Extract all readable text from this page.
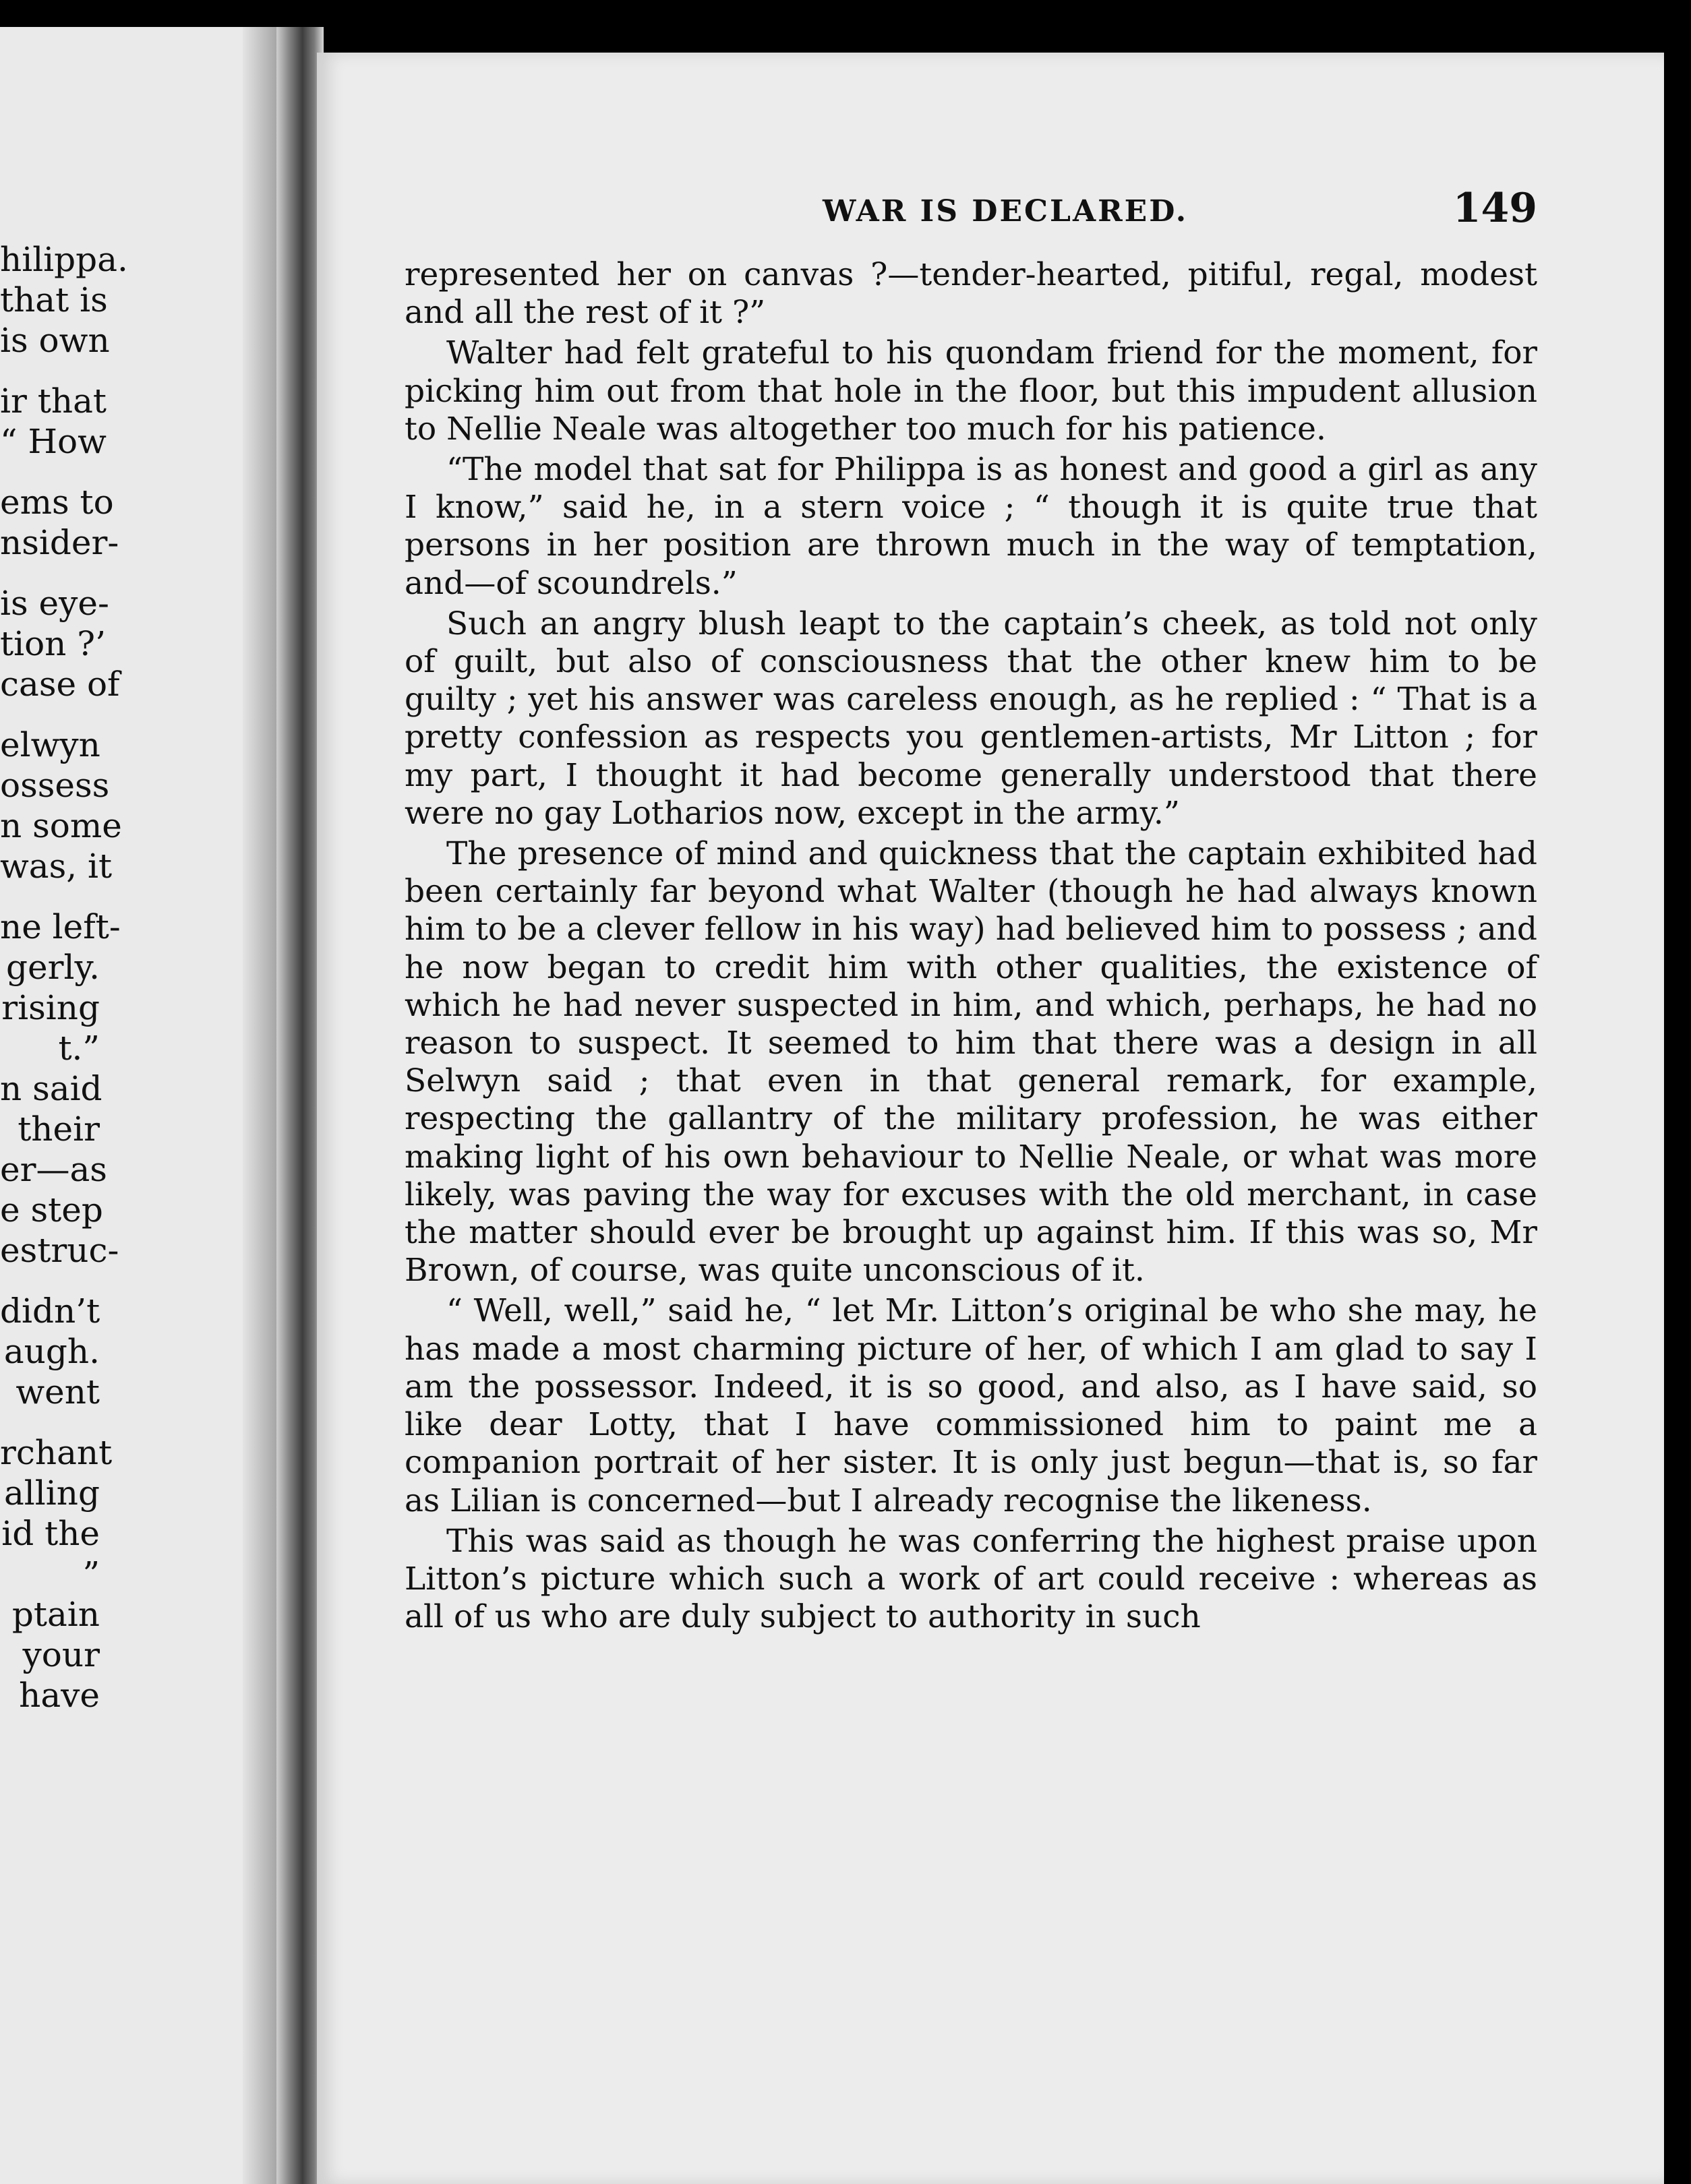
hilippa.
that is
is own
ir that
“ How
ems to
nsider-
is eye-
tion ?’
case of
elwyn
ossess
n some
was, it
ne left-
gerly.
rising
t.”
n said
their
er—as
e step
estruc-
didn’t
augh.
went
rchant
alling
id the
”
ptain
your
have
WAR IS DECLARED.	149

represented her on canvas ?—tender-hearted, pitiful, regal, modest and all the rest of it ?”

Walter had felt grateful to his quondam friend for the moment, for picking him out from that hole in the floor, but this impudent allusion to Nellie Neale was altogether too much for his patience.

“The model that sat for Philippa is as honest and good a girl as any I know,” said he, in a stern voice ; “ though it is quite true that persons in her position are thrown much in the way of temptation, and—of scoundrels.”

Such an angry blush leapt to the captain’s cheek, as told not only of guilt, but also of consciousness that the other knew him to be guilty ; yet his answer was careless enough, as he replied : “ That is a pretty confession as respects you gentlemen-artists, Mr Litton ; for my part, I thought it had become generally understood that there were no gay Lotharios now, except in the army.”

The presence of mind and quickness that the captain exhibited had been certainly far beyond what Walter (though he had always known him to be a clever fellow in his way) had believed him to possess ; and he now began to credit him with other qualities, the existence of which he had never suspected in him, and which, perhaps, he had no reason to suspect. It seemed to him that there was a design in all Selwyn said ; that even in that general remark, for example, respecting the gallantry of the military profession, he was either making light of his own behaviour to Nellie Neale, or what was more likely, was paving the way for excuses with the old merchant, in case the matter should ever be brought up against him. If this was so, Mr Brown, of course, was quite unconscious of it.

“ Well, well,” said he, “ let Mr. Litton’s original be who she may, he has made a most charming picture of her, of which I am glad to say I am the possessor. Indeed, it is so good, and also, as I have said, so like dear Lotty, that I have commissioned him to paint me a companion portrait of her sister. It is only just begun—that is, so far as Lilian is concerned—but I already recognise the likeness.

This was said as though he was conferring the highest praise upon Litton’s picture which such a work of art could receive : whereas as all of us who are duly subject to authority in such
